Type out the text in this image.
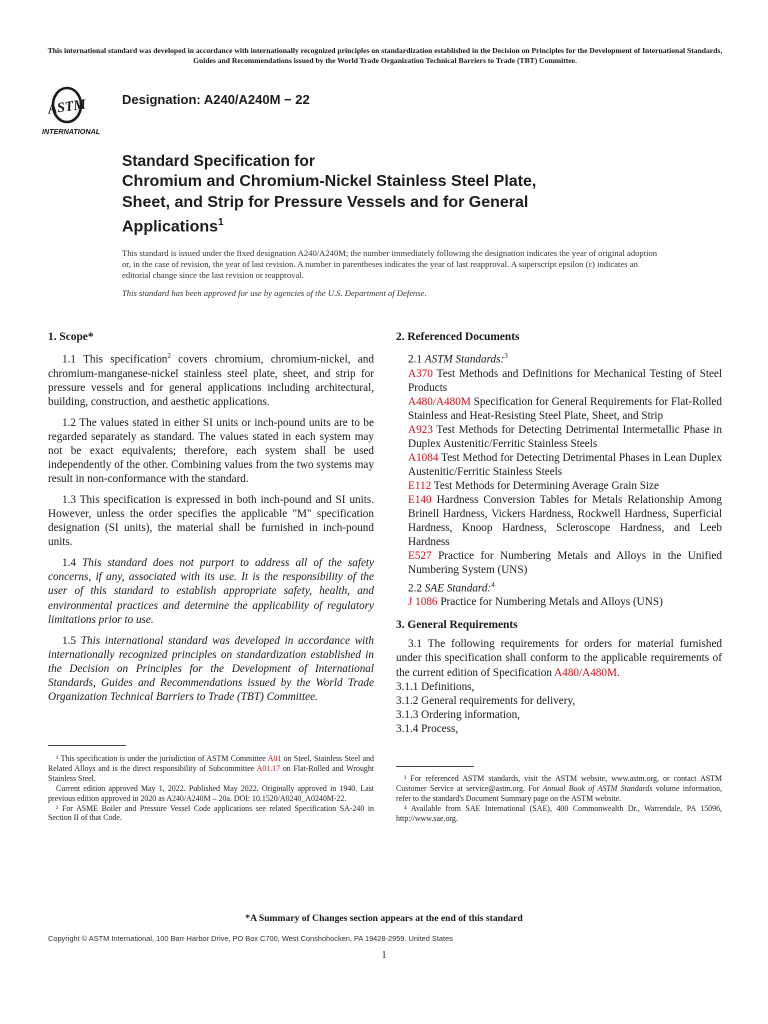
This international standard was developed in accordance with internationally recognized principles on standardization established in the Decision on Principles for the Development of International Standards, Guides and Recommendations issued by the World Trade Organization Technical Barriers to Trade (TBT) Committee.
ASTM
INTERNATIONAL
Designation: A240/A240M − 22
Standard Specification for
Chromium and Chromium-Nickel Stainless Steel Plate,
Sheet, and Strip for Pressure Vessels and for General
Applications$^1$
This standard is issued under the fixed designation A240/A240M; the number immediately following the designation indicates the year of original adoption or, in the case of revision, the year of last revision. A number in parentheses indicates the year of last reapproval. A superscript epsilon (ε) indicates an editorial change since the last revision or reapproval.
This standard has been approved for use by agencies of the U.S. Department of Defense.
1. Scope*

1.1 This specification$^2$ covers chromium, chromium-nickel, and chromium-manganese-nickel stainless steel plate, sheet, and strip for pressure vessels and for general applications including architectural, building, construction, and aesthetic applications.

1.2 The values stated in either SI units or inch-pound units are to be regarded separately as standard. The values stated in each system may not be exact equivalents; therefore, each system shall be used independently of the other. Combining values from the two systems may result in non-conformance with the standard.

1.3 This specification is expressed in both inch-pound and SI units. However, unless the order specifies the applicable "M" specification designation (SI units), the material shall be furnished in inch-pound units.

1.4 This standard does not purport to address all of the safety concerns, if any, associated with its use. It is the responsibility of the user of this standard to establish appropriate safety, health, and environmental practices and determine the applicability of regulatory limitations prior to use.

1.5 This international standard was developed in accordance with internationally recognized principles on standardization established in the Decision on Principles for the Development of International Standards, Guides and Recommendations issued by the World Trade Organization Technical Barriers to Trade (TBT) Committee.

2. Referenced Documents

2.1 ASTM Standards:$^3$

A370 Test Methods and Definitions for Mechanical Testing of Steel Products

A480/A480M Specification for General Requirements for Flat-Rolled Stainless and Heat-Resisting Steel Plate, Sheet, and Strip

A923 Test Methods for Detecting Detrimental Intermetallic Phase in Duplex Austenitic/Ferritic Stainless Steels

A1084 Test Method for Detecting Detrimental Phases in Lean Duplex Austenitic/Ferritic Stainless Steels

E112 Test Methods for Determining Average Grain Size

E140 Hardness Conversion Tables for Metals Relationship Among Brinell Hardness, Vickers Hardness, Rockwell Hardness, Superficial Hardness, Knoop Hardness, Scleroscope Hardness, and Leeb Hardness

E527 Practice for Numbering Metals and Alloys in the Unified Numbering System (UNS)

2.2 SAE Standard:$^4$

J 1086 Practice for Numbering Metals and Alloys (UNS)

3. General Requirements

3.1 The following requirements for orders for material furnished under this specification shall conform to the applicable requirements of the current edition of Specification A480/A480M.

3.1.1 Definitions,

3.1.2 General requirements for delivery,

3.1.3 Ordering information,

3.1.4 Process,

¹ This specification is under the jurisdiction of ASTM Committee A01 on Steel, Stainless Steel and Related Alloys and is the direct responsibility of Subcommittee A01.17 on Flat-Rolled and Wrought Stainless Steel.

Current edition approved May 1, 2022. Published May 2022. Originally approved in 1940. Last previous edition approved in 2020 as A240/A240M – 20a. DOI: 10.1520/A0240_A0240M-22.

² For ASME Boiler and Pressure Vessel Code applications see related Specification SA-240 in Section II of that Code.

³ For referenced ASTM standards, visit the ASTM website, www.astm.org, or contact ASTM Customer Service at service@astm.org. For Annual Book of ASTM Standards volume information, refer to the standard's Document Summary page on the ASTM website.

⁴ Available from SAE International (SAE), 400 Commonwealth Dr., Warrendale, PA 15096, http://www.sae.org.

*A Summary of Changes section appears at the end of this standard
Copyright © ASTM International, 100 Barr Harbor Drive, PO Box C700, West Conshohocken, PA 19428-2959. United States
1
